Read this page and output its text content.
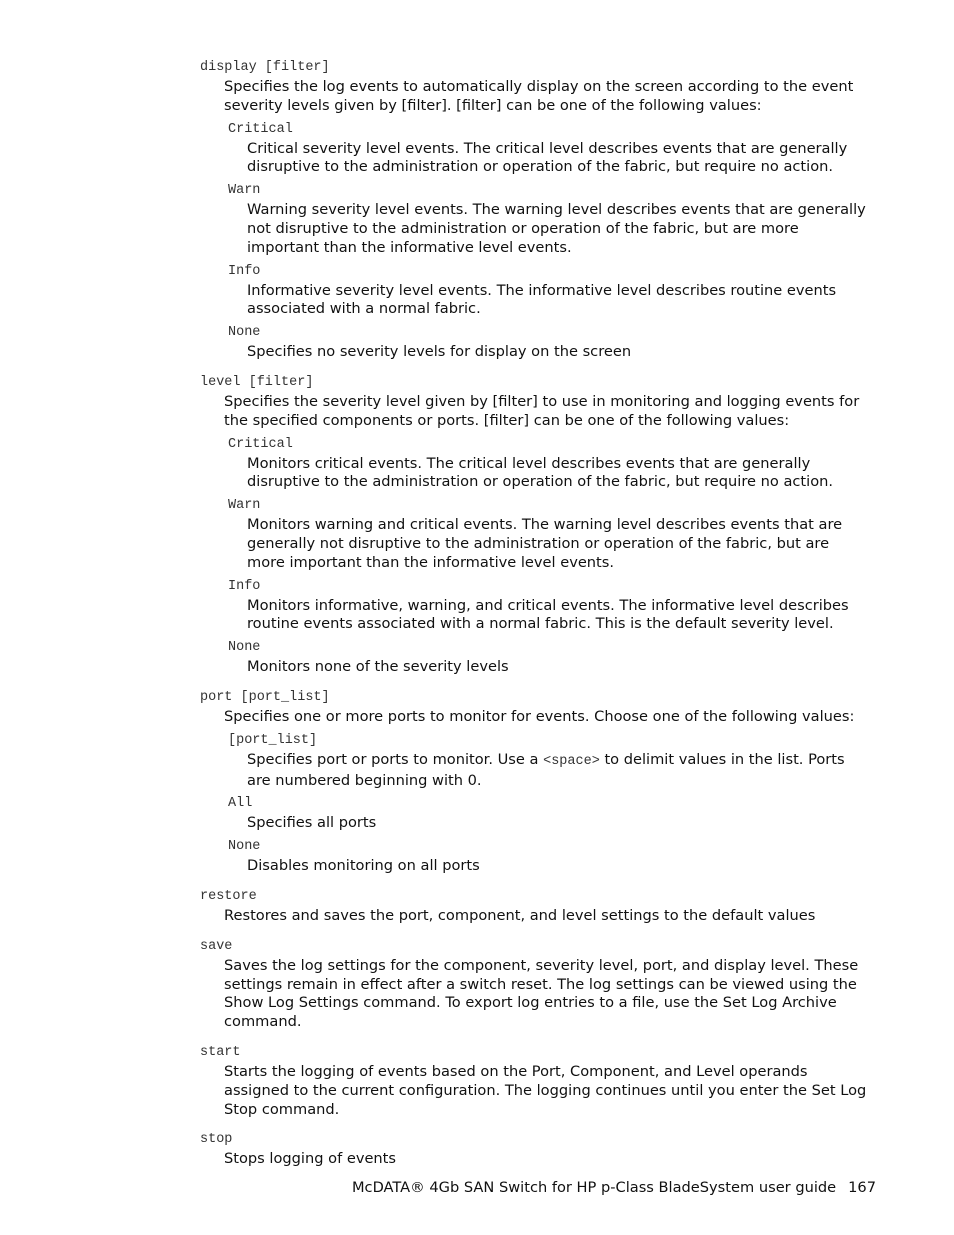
display [filter]
Specifies the log events to automatically display on the screen according to the event severity levels given by [filter]. [filter] can be one of the following values:
Critical
Critical severity level events. The critical level describes events that are generally disruptive to the administration or operation of the fabric, but require no action.
Warn
Warning severity level events. The warning level describes events that are generally not disruptive to the administration or operation of the fabric, but are more important than the informative level events.
Info
Informative severity level events. The informative level describes routine events associated with a normal fabric.
None
Specifies no severity levels for display on the screen
level [filter]
Specifies the severity level given by [filter] to use in monitoring and logging events for the specified components or ports. [filter] can be one of the following values:
Critical
Monitors critical events. The critical level describes events that are generally disruptive to the administration or operation of the fabric, but require no action.
Warn
Monitors warning and critical events. The warning level describes events that are generally not disruptive to the administration or operation of the fabric, but are more important than the informative level events.
Info
Monitors informative, warning, and critical events. The informative level describes routine events associated with a normal fabric. This is the default severity level.
None
Monitors none of the severity levels
port [port_list]
Specifies one or more ports to monitor for events. Choose one of the following values:
[port_list]
Specifies port or ports to monitor. Use a <space> to delimit values in the list. Ports are numbered beginning with 0.
All
Specifies all ports
None
Disables monitoring on all ports
restore
Restores and saves the port, component, and level settings to the default values
save
Saves the log settings for the component, severity level, port, and display level. These settings remain in effect after a switch reset. The log settings can be viewed using the Show Log Settings command. To export log entries to a file, use the Set Log Archive command.
start
Starts the logging of events based on the Port, Component, and Level operands assigned to the current configuration. The logging continues until you enter the Set Log Stop command.
stop
Stops logging of events
McDATA® 4Gb SAN Switch for HP p-Class BladeSystem user guide 167
